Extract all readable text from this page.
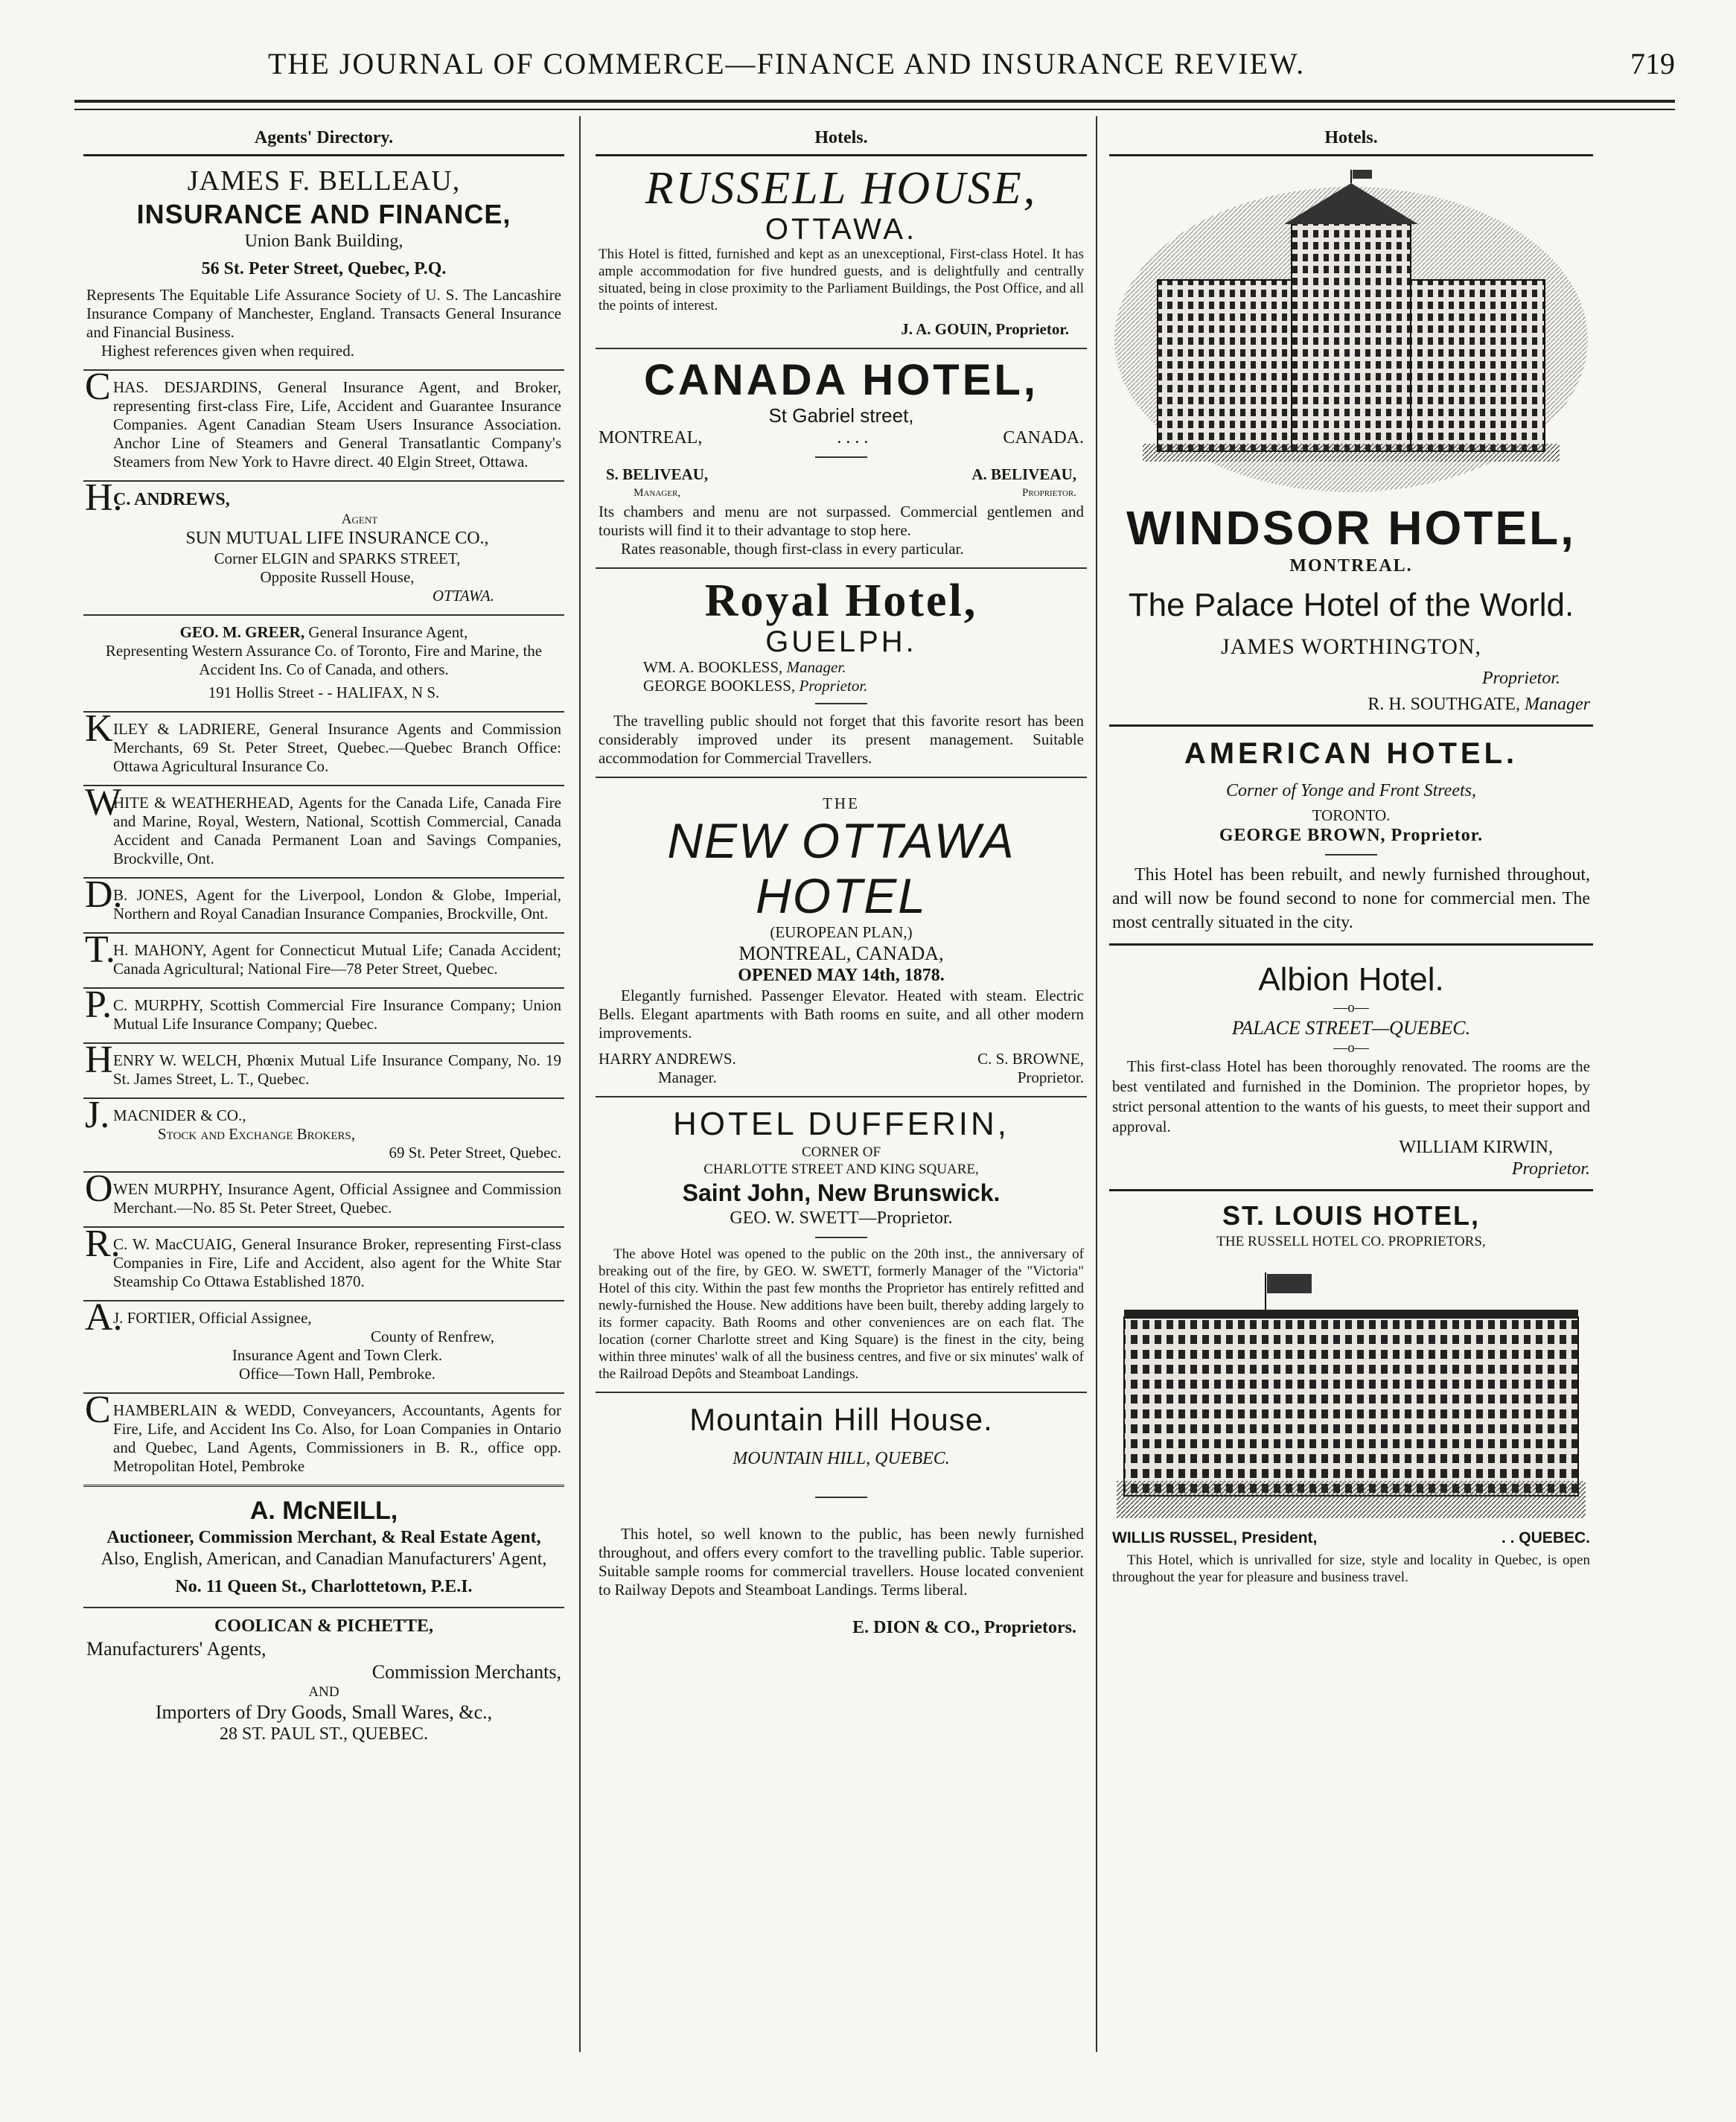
THE JOURNAL OF COMMERCE—FINANCE AND INSURANCE REVIEW.	719
Agents' Directory.
JAMES F. BELLEAU,
INSURANCE AND FINANCE,
Union Bank Building,
56 St. Peter Street, Quebec, P.Q.
Represents The Equitable Life Assurance Society of U. S. The Lancashire Insurance Company of Manchester, England. Transacts General Insurance and Financial Business.
Highest references given when required.
C HAS. DESJARDINS, General Insurance Agent, and Broker, representing first-class Fire, Life, Accident and Guarantee Insurance Companies. Agent Canadian Steam Users Insurance Association. Anchor Line of Steamers and General Transatlantic Company's Steamers from New York to Havre direct. 40 Elgin Street, Ottawa.
H.
C. ANDREWS,
Agent
SUN MUTUAL LIFE INSURANCE CO.,
Corner ELGIN and SPARKS STREET,
Opposite Russell House,
OTTAWA.
GEO. M. GREER, General Insurance Agent,
Representing Western Assurance Co. of Toronto, Fire and Marine, the Accident Ins. Co of Canada, and others.
191 Hollis Street - - HALIFAX, N S.
K ILEY & LADRIERE, General Insurance Agents and Commission Merchants, 69 St. Peter Street, Quebec.—Quebec Branch Office: Ottawa Agricultural Insurance Co.
W
HITE & WEATHERHEAD, Agents for the Canada Life, Canada Fire and Marine, Royal, Western, National, Scottish Commercial, Canada Accident and Canada Permanent Loan and Savings Companies, Brockville, Ont.
D.
B. JONES, Agent for the Liverpool, London & Globe, Imperial, Northern and Royal Canadian Insurance Companies, Brockville, Ont.
T.
H. MAHONY, Agent for Connecticut Mutual Life; Canada Accident; Canada Agricultural; National Fire—78 Peter Street, Quebec.
P. C. MURPHY, Scottish Commercial Fire Insurance Company; Union Mutual Life Insurance Company; Quebec.
H ENRY W. WELCH, Phœnix Mutual Life Insurance Company, No. 19 St. James Street, L. T., Quebec.
J. MACNIDER & CO.,
Stock and Exchange Brokers,
69 St. Peter Street, Quebec.
O WEN MURPHY, Insurance Agent, Official Assignee and Commission Merchant.—No. 85 St. Peter Street, Quebec.
R.
C. W. MacCUAIG, General Insurance Broker, representing First-class Companies in Fire, Life and Accident, also agent for the White Star Steamship Co Ottawa Established 1870.
A.
J. FORTIER, Official Assignee,
County of Renfrew,
Insurance Agent and Town Clerk.
Office—Town Hall, Pembroke.
C HAMBERLAIN & WEDD, Conveyancers, Accountants, Agents for Fire, Life, and Accident Ins Co. Also, for Loan Companies in Ontario and Quebec, Land Agents, Commissioners in B. R., office opp. Metropolitan Hotel, Pembroke
A. McNEILL,
Auctioneer, Commission Merchant, & Real Estate Agent,
Also, English, American, and Canadian Manufacturers' Agent,
No. 11 Queen St., Charlottetown, P.E.I.
COOLICAN & PICHETTE,
Manufacturers' Agents,
Commission Merchants,
AND
Importers of Dry Goods, Small Wares, &c.,
28 ST. PAUL ST., QUEBEC.
Hotels.
RUSSELL HOUSE,
OTTAWA.
This Hotel is fitted, furnished and kept as an unexceptional, First-class Hotel. It has ample accommodation for five hundred guests, and is delightfully and centrally situated, being in close proximity to the Parliament Buildings, the Post Office, and all the points of interest.
J. A. GOUIN, Proprietor.
CANADA HOTEL,
St Gabriel street,
MONTREAL,	. . . .	CANADA.
S. BELIVEAU,
Manager,
A. BELIVEAU,
Proprietor.
Its chambers and menu are not surpassed. Commercial gentlemen and tourists will find it to their advantage to stop here.
Rates reasonable, though first-class in every particular.
Royal Hotel,
GUELPH.
WM. A. BOOKLESS, Manager.
GEORGE BOOKLESS, Proprietor.
The travelling public should not forget that this favorite resort has been considerably improved under its present management. Suitable accommodation for Commercial Travellers.
THE
NEW OTTAWA HOTEL
(EUROPEAN PLAN,)
MONTREAL, CANADA,
OPENED MAY 14th, 1878.
Elegantly furnished. Passenger Elevator. Heated with steam. Electric Bells. Elegant apartments with Bath rooms en suite, and all other modern improvements.
HARRY ANDREWS.
Manager.
C. S. BROWNE,
Proprietor.
HOTEL DUFFERIN,
CORNER OF
CHARLOTTE STREET AND KING SQUARE,
Saint John, New Brunswick.
GEO. W. SWETT—Proprietor.
The above Hotel was opened to the public on the 20th inst., the anniversary of breaking out of the fire, by GEO. W. SWETT, formerly Manager of the "Victoria" Hotel of this city. Within the past few months the Proprietor has entirely refitted and newly-furnished the House. New additions have been built, thereby adding largely to its former capacity. Bath Rooms and other conveniences are on each flat. The location (corner Charlotte street and King Square) is the finest in the city, being within three minutes' walk of all the business centres, and five or six minutes' walk of the Railroad Depôts and Steamboat Landings.
Mountain Hill House.
MOUNTAIN HILL, QUEBEC.
This hotel, so well known to the public, has been newly furnished throughout, and offers every comfort to the travelling public. Table superior. Suitable sample rooms for commercial travellers. House located convenient to Railway Depots and Steamboat Landings. Terms liberal.
E. DION & CO., Proprietors.
Hotels.
WINDSOR HOTEL,
MONTREAL.
The Palace Hotel of the World.
JAMES WORTHINGTON,
Proprietor.
R. H. SOUTHGATE, Manager
AMERICAN HOTEL.
Corner of Yonge and Front Streets,
TORONTO.
GEORGE BROWN, Proprietor.
This Hotel has been rebuilt, and newly furnished throughout, and will now be found second to none for commercial men. The most centrally situated in the city.
Albion Hotel.
—o—
PALACE STREET—QUEBEC.
—o—
This first-class Hotel has been thoroughly renovated. The rooms are the best ventilated and furnished in the Dominion. The proprietor hopes, by strict personal attention to the wants of his guests, to meet their support and approval.
WILLIAM KIRWIN,
Proprietor.
ST. LOUIS HOTEL,
THE RUSSELL HOTEL CO. PROPRIETORS,
WILLIS RUSSEL, President,	. . QUEBEC.
This Hotel, which is unrivalled for size, style and locality in Quebec, is open throughout the year for pleasure and business travel.
